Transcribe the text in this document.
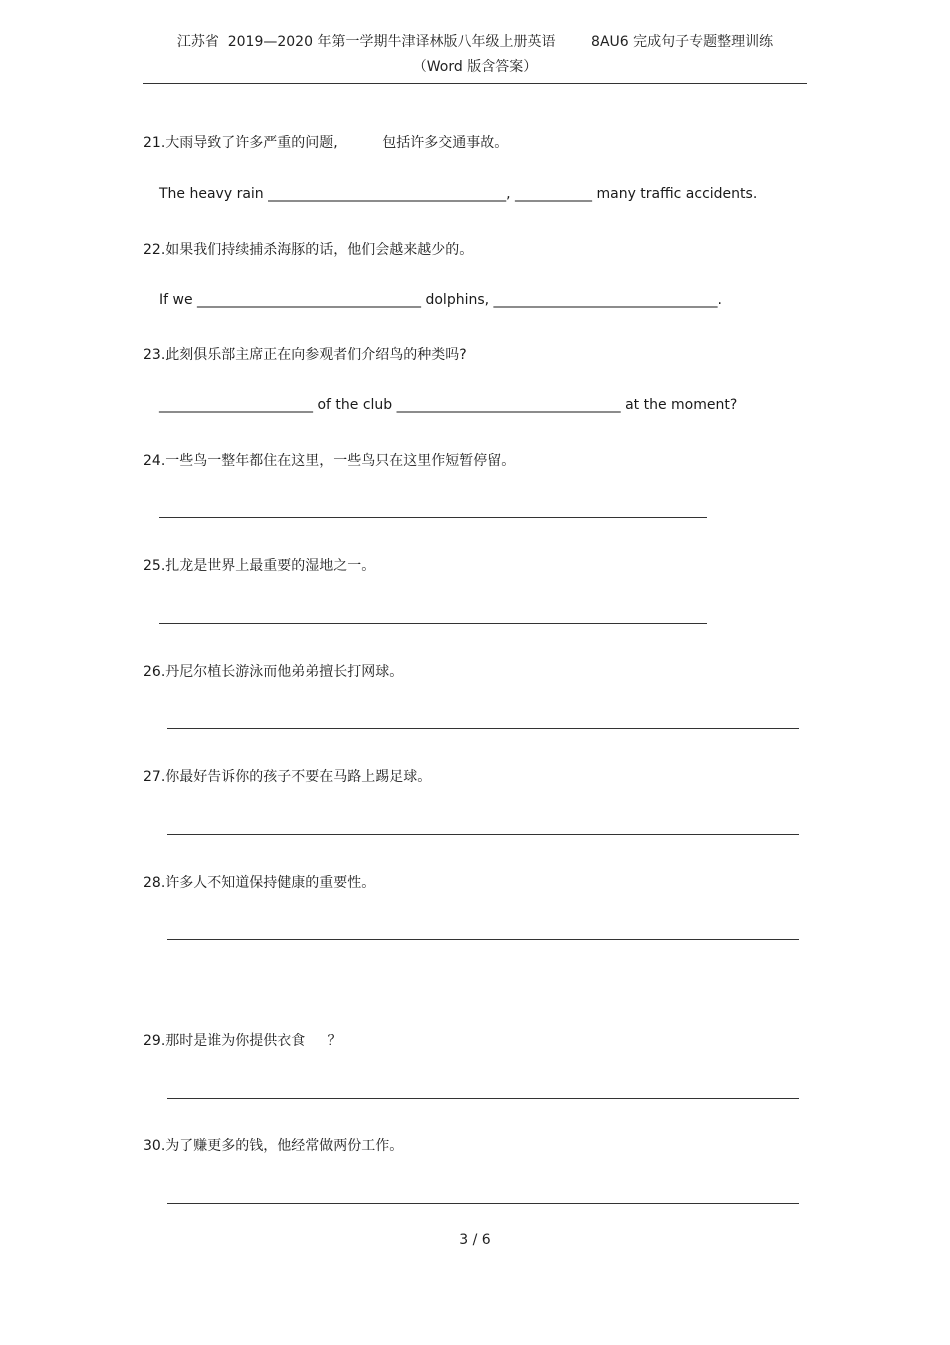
江苏省  2019—2020 年第一学期牛津译林版八年级上册英语        8AU6 完成句子专题整理训练
（Word 版含答案）
21.大雨导致了许多严重的问题,          包括许多交通事故。
The heavy rain __________________________________, ___________ many traffic accidents.
22.如果我们持续捕杀海豚的话，他们会越来越少的。
If we ________________________________ dolphins, ________________________________.
23.此刻俱乐部主席正在向参观者们介绍鸟的种类吗?
______________________ of the club ________________________________ at the moment?
24.一些鸟一整年都住在这里，一些鸟只在这里作短暂停留。
25.扎龙是世界上最重要的湿地之一。
26.丹尼尔植长游泳而他弟弟擅长打网球。
27.你最好告诉你的孩子不要在马路上踢足球。
28.许多人不知道保持健康的重要性。
29.那时是谁为你提供衣食     ？
30.为了赚更多的钱，他经常做两份工作。
3 / 6
